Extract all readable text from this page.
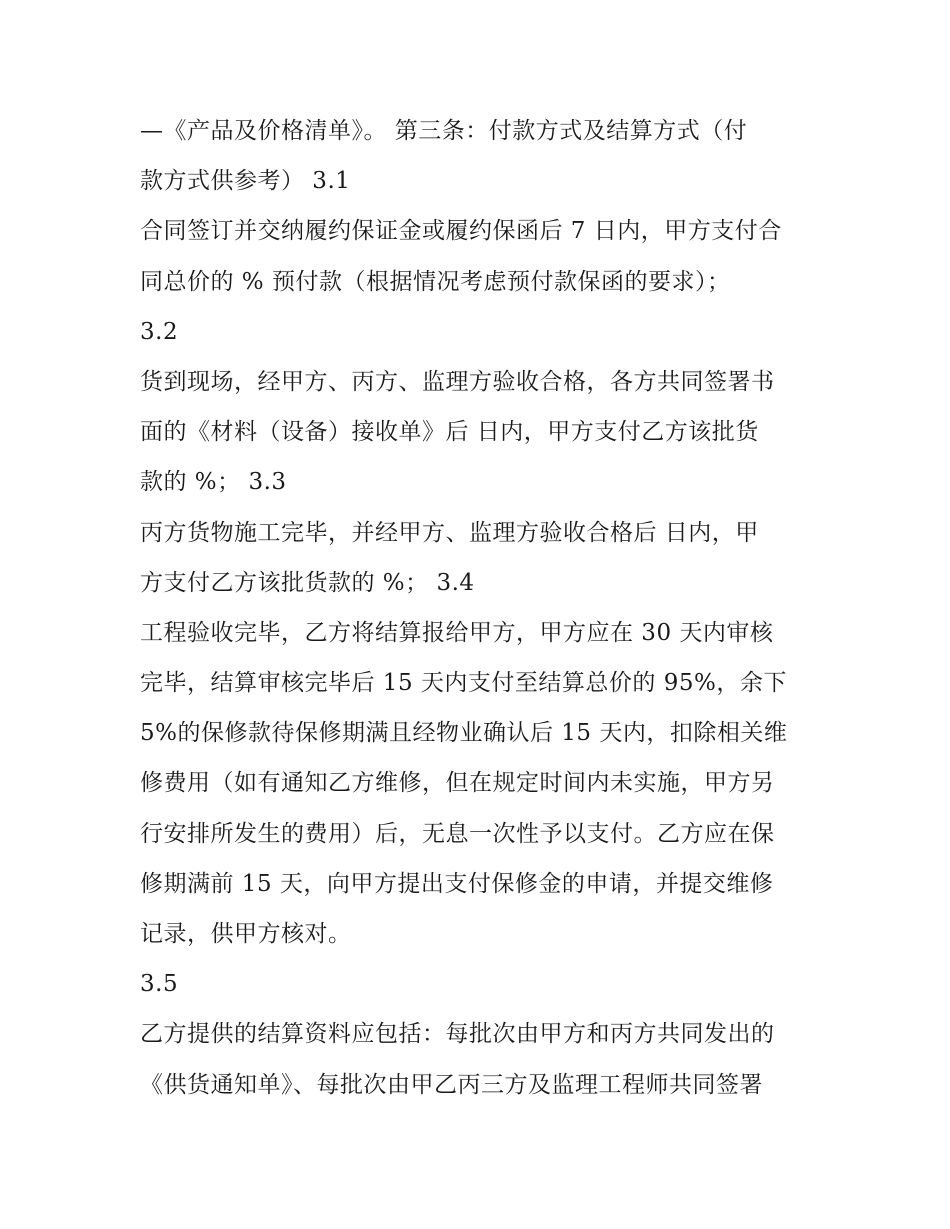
—《产品及价格清单》。 第三条：付款方式及结算方式（付
款方式供参考） 3.1
合同签订并交纳履约保证金或履约保函后 7 日内，甲方支付合
同总价的 % 预付款（根据情况考虑预付款保函的要求）；
3.2
货到现场，经甲方、丙方、监理方验收合格，各方共同签署书
面的《材料（设备）接收单》后 日内，甲方支付乙方该批货
款的 %； 3.3
丙方货物施工完毕，并经甲方、监理方验收合格后 日内，甲
方支付乙方该批货款的 %； 3.4
工程验收完毕，乙方将结算报给甲方，甲方应在 30 天内审核
完毕，结算审核完毕后 15 天内支付至结算总价的 95%，余下
5%的保修款待保修期满且经物业确认后 15 天内，扣除相关维
修费用（如有通知乙方维修，但在规定时间内未实施，甲方另
行安排所发生的费用）后，无息一次性予以支付。乙方应在保
修期满前 15 天，向甲方提出支付保修金的申请，并提交维修
记录，供甲方核对。
3.5
乙方提供的结算资料应包括：每批次由甲方和丙方共同发出的
《供货通知单》、每批次由甲乙丙三方及监理工程师共同签署
